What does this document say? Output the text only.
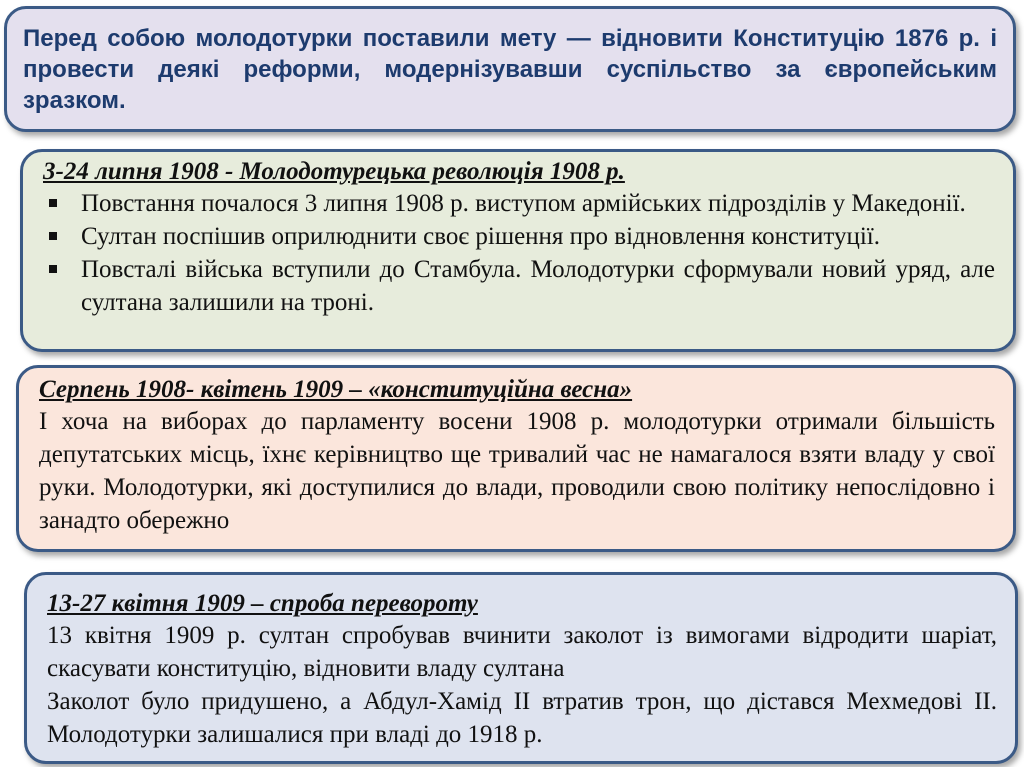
Перед собою молодотурки поставили мету — відновити Конституцію 1876 р. і провести деякі реформи, модернізувавши суспільство за європейським зразком.

3-24 липня 1908 - Молодотурецька революція 1908 р.

Повстання почалося 3 липня 1908 р. виступом армійських підрозділів у Македонії.
Султан поспішив оприлюднити своє рішення про відновлення конституції.
Повсталі війська вступили до Стамбула. Молодотурки сформували новий уряд, але султана залишили на троні.

Серпень 1908- квітень 1909 – «конституційна весна»

І хоча на виборах до парламенту восени 1908 р. молодотурки отримали більшість депутатських місць, їхнє керівництво ще тривалий час не намагалося взяти владу у свої руки. Молодотурки, які доступилися до влади, проводили свою політику непослідовно і занадто обережно

13-27 квітня 1909 – спроба перевороту

13 квітня 1909 р. султан спробував вчинити заколот із вимогами відродити шаріат, скасувати конституцію, відновити владу султана

Заколот було придушено, а Абдул-Хамід ІІ втратив трон, що дістався Мехмедові ІІ. Молодотурки залишалися при владі до 1918 р.
